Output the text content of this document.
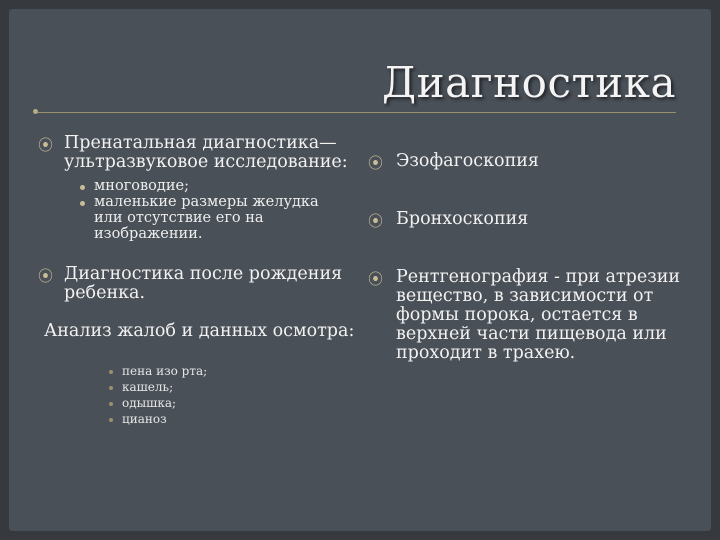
Диагностика
⦿ Пренатальная диагностика—
ультразвуковое исследование:
многоводие;
маленькие размеры желудка
или отсутствие его на
изображении.
⦿ Диагностика после рождения
ребенка.
Анализ жалоб и данных осмотра:
пена изо рта;
кашель;
одышка;
цианоз
⦿ Эзофагоскопия
⦿ Бронхоскопия
⦿ Рентгенография - при атрезии
вещество, в зависимости от
формы порока, остается в
верхней части пищевода или
проходит в трахею.
